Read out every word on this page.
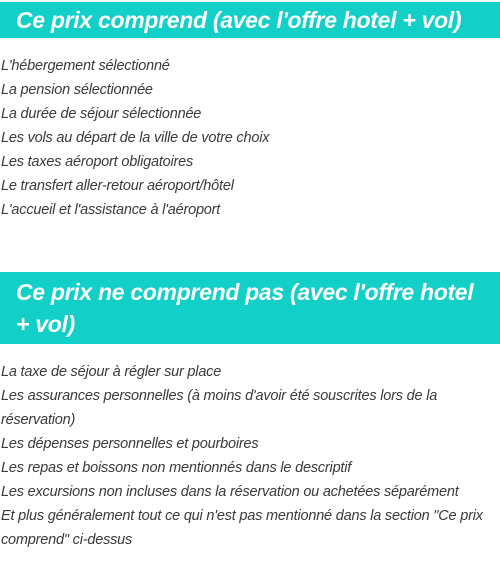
Ce prix comprend (avec l'offre hotel + vol)
L'hébergement sélectionné
La pension sélectionnée
La durée de séjour sélectionnée
Les vols au départ de la ville de votre choix
Les taxes aéroport obligatoires
Le transfert aller-retour aéroport/hôtel
L'accueil et l'assistance à l'aéroport
Ce prix ne comprend pas (avec l'offre hotel + vol)
La taxe de séjour à régler sur place
Les assurances personnelles (à moins d'avoir été souscrites lors de la réservation)
Les dépenses personnelles et pourboires
Les repas et boissons non mentionnés dans le descriptif
Les excursions non incluses dans la réservation ou achetées séparément
Et plus généralement tout ce qui n'est pas mentionné dans la section "Ce prix comprend" ci-dessus
